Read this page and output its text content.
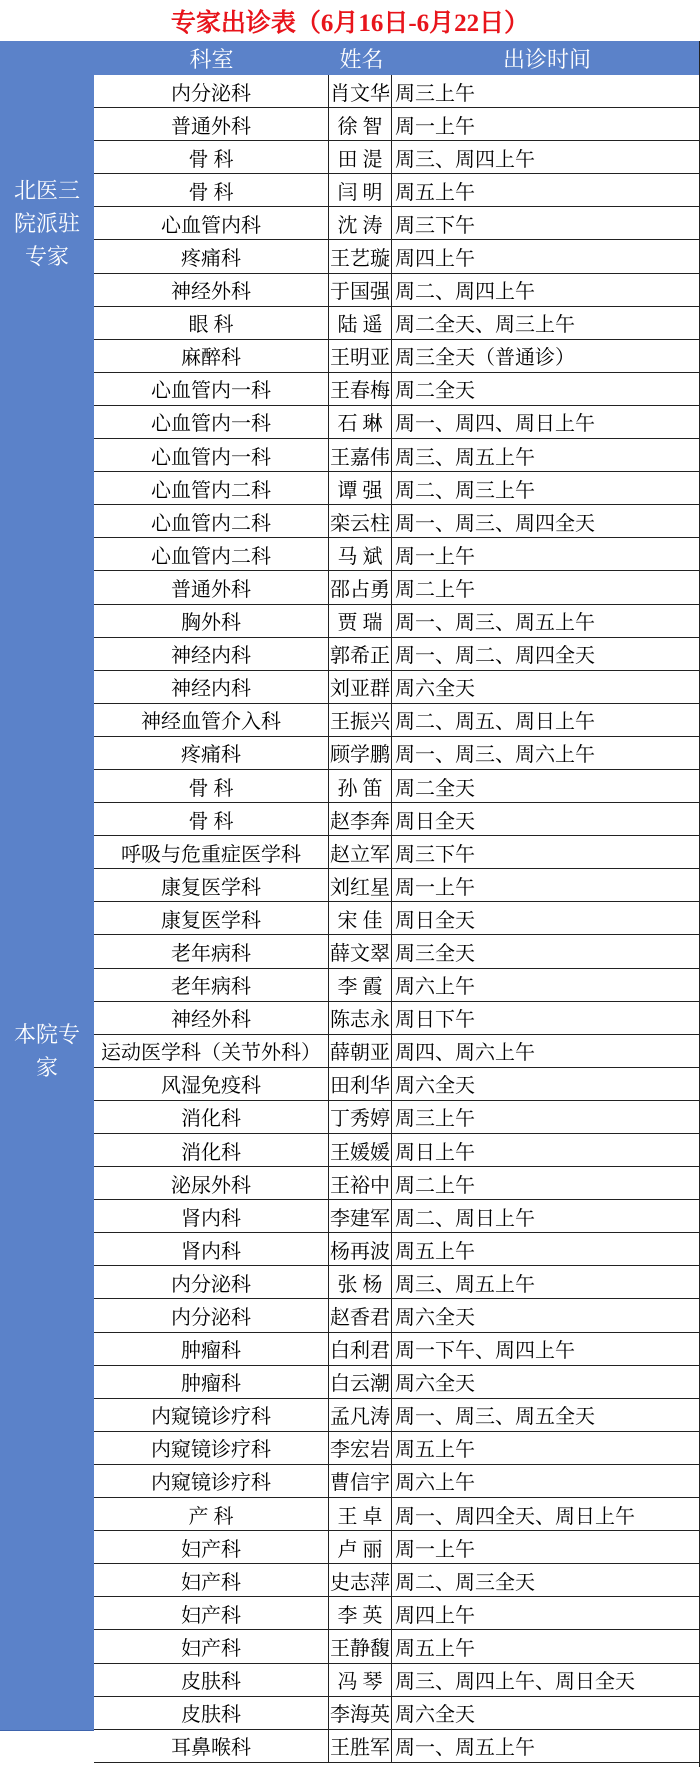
专家出诊表（6月16日-6月22日）
科室	姓名	出诊时间
北医三
院派驻
专家
本院专
家
内分泌科	肖文华 周三上午
普通外科	徐 智 周一上午
骨 科	田 湜 周三、周四上午
骨 科	闫 明 周五上午
心血管内科	沈 涛 周三下午
疼痛科	王艺璇 周四上午
神经外科	于国强 周二、周四上午
眼 科	陆 遥 周二全天、周三上午
麻醉科	王明亚 周三全天（普通诊）
心血管内一科	王春梅 周二全天
心血管内一科	石 琳 周一、周四、周日上午
心血管内一科	王嘉伟 周三、周五上午
心血管内二科	谭 强 周二、周三上午
心血管内二科	栾云柱 周一、周三、周四全天
心血管内二科	马 斌 周一上午
普通外科	邵占勇 周二上午
胸外科	贾 瑞 周一、周三、周五上午
神经内科	郭希正 周一、周二、周四全天
神经内科	刘亚群 周六全天
神经血管介入科	王振兴 周二、周五、周日上午
疼痛科	顾学鹏 周一、周三、周六上午
骨 科	孙 笛 周二全天
骨 科	赵李奔 周日全天
呼吸与危重症医学科	赵立军 周三下午
康复医学科	刘红星 周一上午
康复医学科	宋 佳 周日全天
老年病科	薛文翠 周三全天
老年病科	李 霞 周六上午
神经外科	陈志永 周日下午
运动医学科（关节外科） 薛朝亚 周四、周六上午
风湿免疫科	田利华 周六全天
消化科	丁秀婷 周三上午
消化科	王媛媛 周日上午
泌尿外科	王裕中 周二上午
肾内科	李建军 周二、周日上午
肾内科	杨再波 周五上午
内分泌科	张 杨 周三、周五上午
内分泌科	赵香君 周六全天
肿瘤科	白利君 周一下午、周四上午
肿瘤科	白云潮 周六全天
内窥镜诊疗科	孟凡涛 周一、周三、周五全天
内窥镜诊疗科	李宏岩 周五上午
内窥镜诊疗科	曹信宇 周六上午
产 科	王 卓 周一、周四全天、周日上午
妇产科	卢 丽 周一上午
妇产科	史志萍 周二、周三全天
妇产科	李 英 周四上午
妇产科	王静馥 周五上午
皮肤科	冯 琴 周三、周四上午、周日全天
皮肤科	李海英 周六全天
耳鼻喉科	王胜军 周一、周五上午
